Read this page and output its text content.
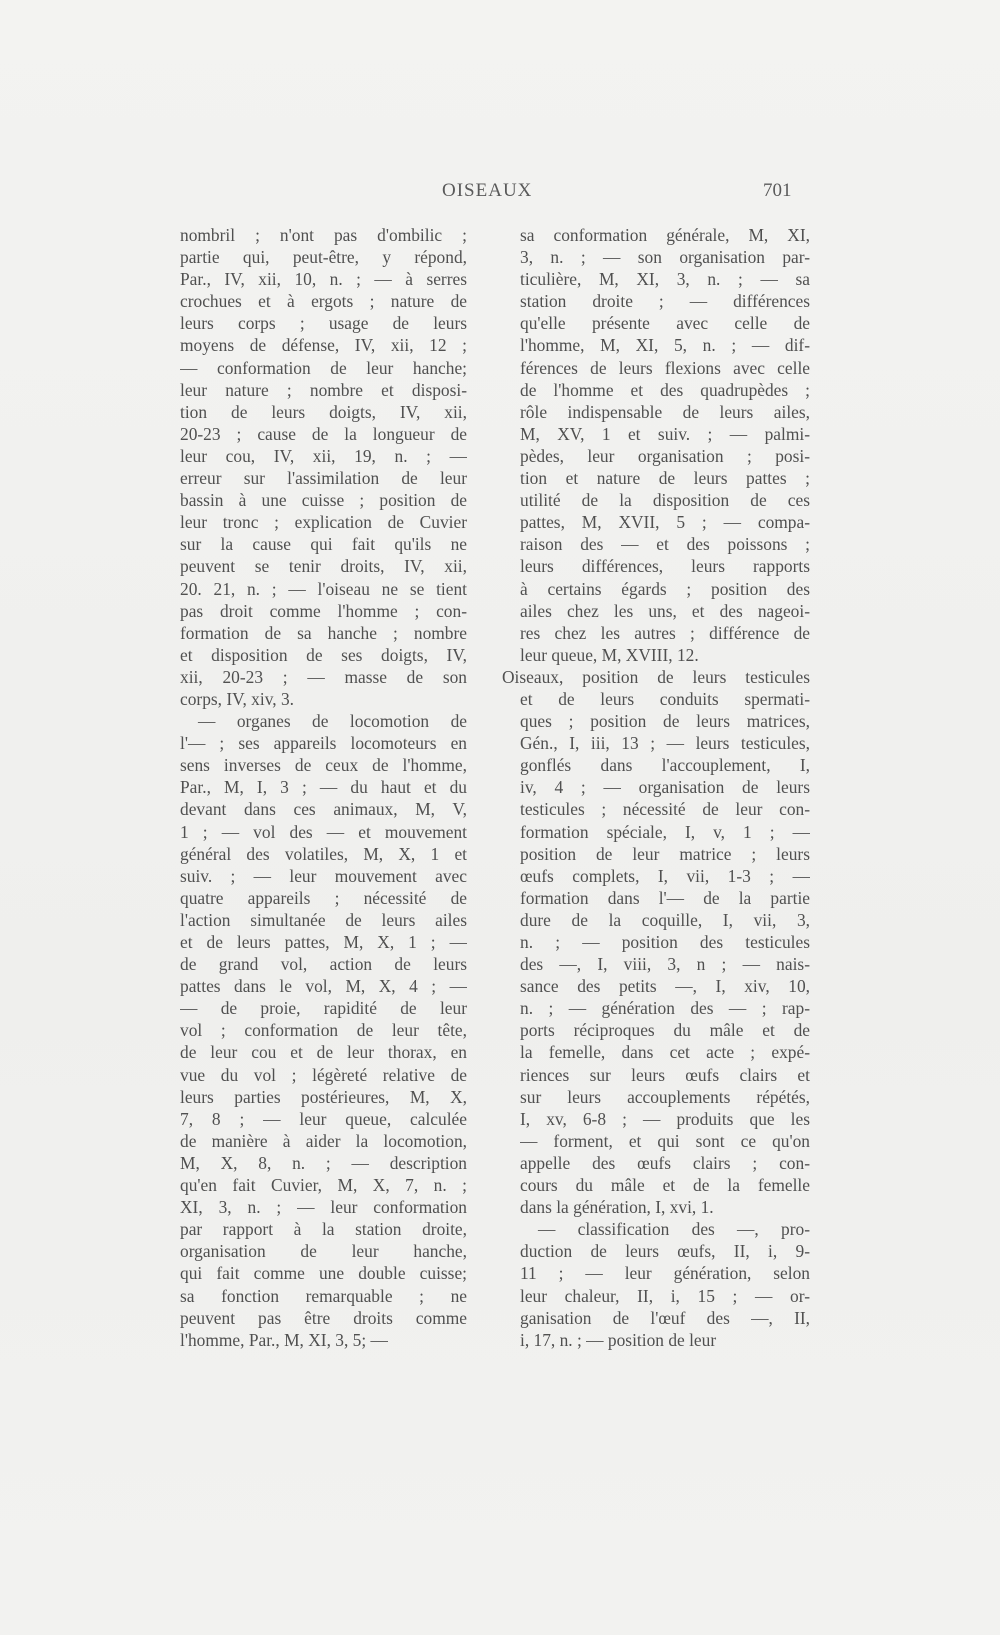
OISEAUX	701
nombril ; n'ont pas d'ombilic ;
partie qui, peut-être, y répond,
Par., IV, xii, 10, n. ; — à serres
crochues et à ergots ; nature de
leurs corps ; usage de leurs
moyens de défense, IV, xii, 12 ;
— conformation de leur hanche;
leur nature ; nombre et disposi-
tion de leurs doigts, IV, xii,
20-23 ; cause de la longueur de
leur cou, IV, xii, 19, n. ; —
erreur sur l'assimilation de leur
bassin à une cuisse ; position de
leur tronc ; explication de Cuvier
sur la cause qui fait qu'ils ne
peuvent se tenir droits, IV, xii,
20. 21, n. ; — l'oiseau ne se tient
pas droit comme l'homme ; con-
formation de sa hanche ; nombre
et disposition de ses doigts, IV,
xii, 20-23 ; — masse de son
corps, IV, xiv, 3.
— organes de locomotion de
l'— ; ses appareils locomoteurs en
sens inverses de ceux de l'homme,
Par., M, I, 3 ; — du haut et du
devant dans ces animaux, M, V,
1 ; — vol des — et mouvement
général des volatiles, M, X, 1 et
suiv. ; — leur mouvement avec
quatre appareils ; nécessité de
l'action simultanée de leurs ailes
et de leurs pattes, M, X, 1 ; —
de grand vol, action de leurs
pattes dans le vol, M, X, 4 ; —
— de proie, rapidité de leur
vol ; conformation de leur tête,
de leur cou et de leur thorax, en
vue du vol ; légèreté relative de
leurs parties postérieures, M, X,
7, 8 ; — leur queue, calculée
de manière à aider la locomotion,
M, X, 8, n. ; — description
qu'en fait Cuvier, M, X, 7, n. ;
XI, 3, n. ; — leur conformation
par rapport à la station droite,
organisation de leur hanche,
qui fait comme une double cuisse;
sa fonction remarquable ; ne
peuvent pas être droits comme
l'homme, Par., M, XI, 3, 5; —
sa conformation générale, M, XI,
3, n. ; — son organisation par-
ticulière, M, XI, 3, n. ; — sa
station droite ; — différences
qu'elle présente avec celle de
l'homme, M, XI, 5, n. ; — dif-
férences de leurs flexions avec celle
de l'homme et des quadrupèdes ;
rôle indispensable de leurs ailes,
M, XV, 1 et suiv. ; — palmi-
pèdes, leur organisation ; posi-
tion et nature de leurs pattes ;
utilité de la disposition de ces
pattes, M, XVII, 5 ; — compa-
raison des — et des poissons ;
leurs différences, leurs rapports
à certains égards ; position des
ailes chez les uns, et des nageoi-
res chez les autres ; différence de
leur queue, M, XVIII, 12.
Oiseaux, position de leurs testicules
et de leurs conduits spermati-
ques ; position de leurs matrices,
Gén., I, iii, 13 ; — leurs testicules,
gonflés dans l'accouplement, I,
iv, 4 ; — organisation de leurs
testicules ; nécessité de leur con-
formation spéciale, I, v, 1 ; —
position de leur matrice ; leurs
œufs complets, I, vii, 1-3 ; —
formation dans l'— de la partie
dure de la coquille, I, vii, 3,
n. ; — position des testicules
des —, I, viii, 3, n ; — nais-
sance des petits —, I, xiv, 10,
n. ; — génération des — ; rap-
ports réciproques du mâle et de
la femelle, dans cet acte ; expé-
riences sur leurs œufs clairs et
sur leurs accouplements répétés,
I, xv, 6-8 ; — produits que les
— forment, et qui sont ce qu'on
appelle des œufs clairs ; con-
cours du mâle et de la femelle
dans la génération, I, xvi, 1.
— classification des —, pro-
duction de leurs œufs, II, i, 9-
11 ; — leur génération, selon
leur chaleur, II, i, 15 ; — or-
ganisation de l'œuf des —, II,
i, 17, n. ; — position de leur
